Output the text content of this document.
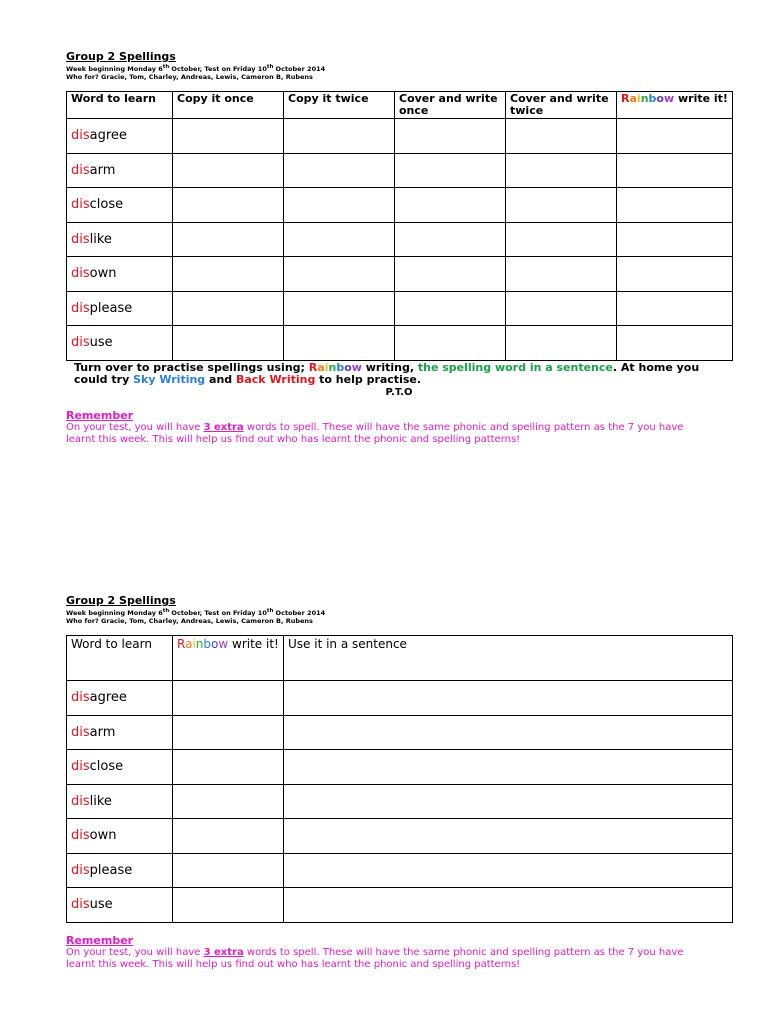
Group 2 Spellings
Week beginning Monday 6th October, Test on Friday 10th October 2014
Who for? Gracie, Tom, Charley, Andreas, Lewis, Cameron B, Rubens
Word to learn	Copy it once	Copy it twice	Cover and write once	Cover and write twice	Rainbow write it!
disagree					
disarm					
disclose					
dislike					
disown					
displease					
disuse					
Turn over to practise spellings using; Rainbow writing, the spelling word in a sentence. At home you could try Sky Writing and Back Writing to help practise.
P.T.O
Remember
On your test, you will have 3 extra words to spell. These will have the same phonic and spelling pattern as the 7 you have learnt this week. This will help us find out who has learnt the phonic and spelling patterns!
Group 2 Spellings
Week beginning Monday 6th October, Test on Friday 10th October 2014
Who for? Gracie, Tom, Charley, Andreas, Lewis, Cameron B, Rubens
Word to learn	Rainbow write it!	Use it in a sentence
disagree		
disarm		
disclose		
dislike		
disown		
displease		
disuse		
Remember
On your test, you will have 3 extra words to spell. These will have the same phonic and spelling pattern as the 7 you have learnt this week. This will help us find out who has learnt the phonic and spelling patterns!
